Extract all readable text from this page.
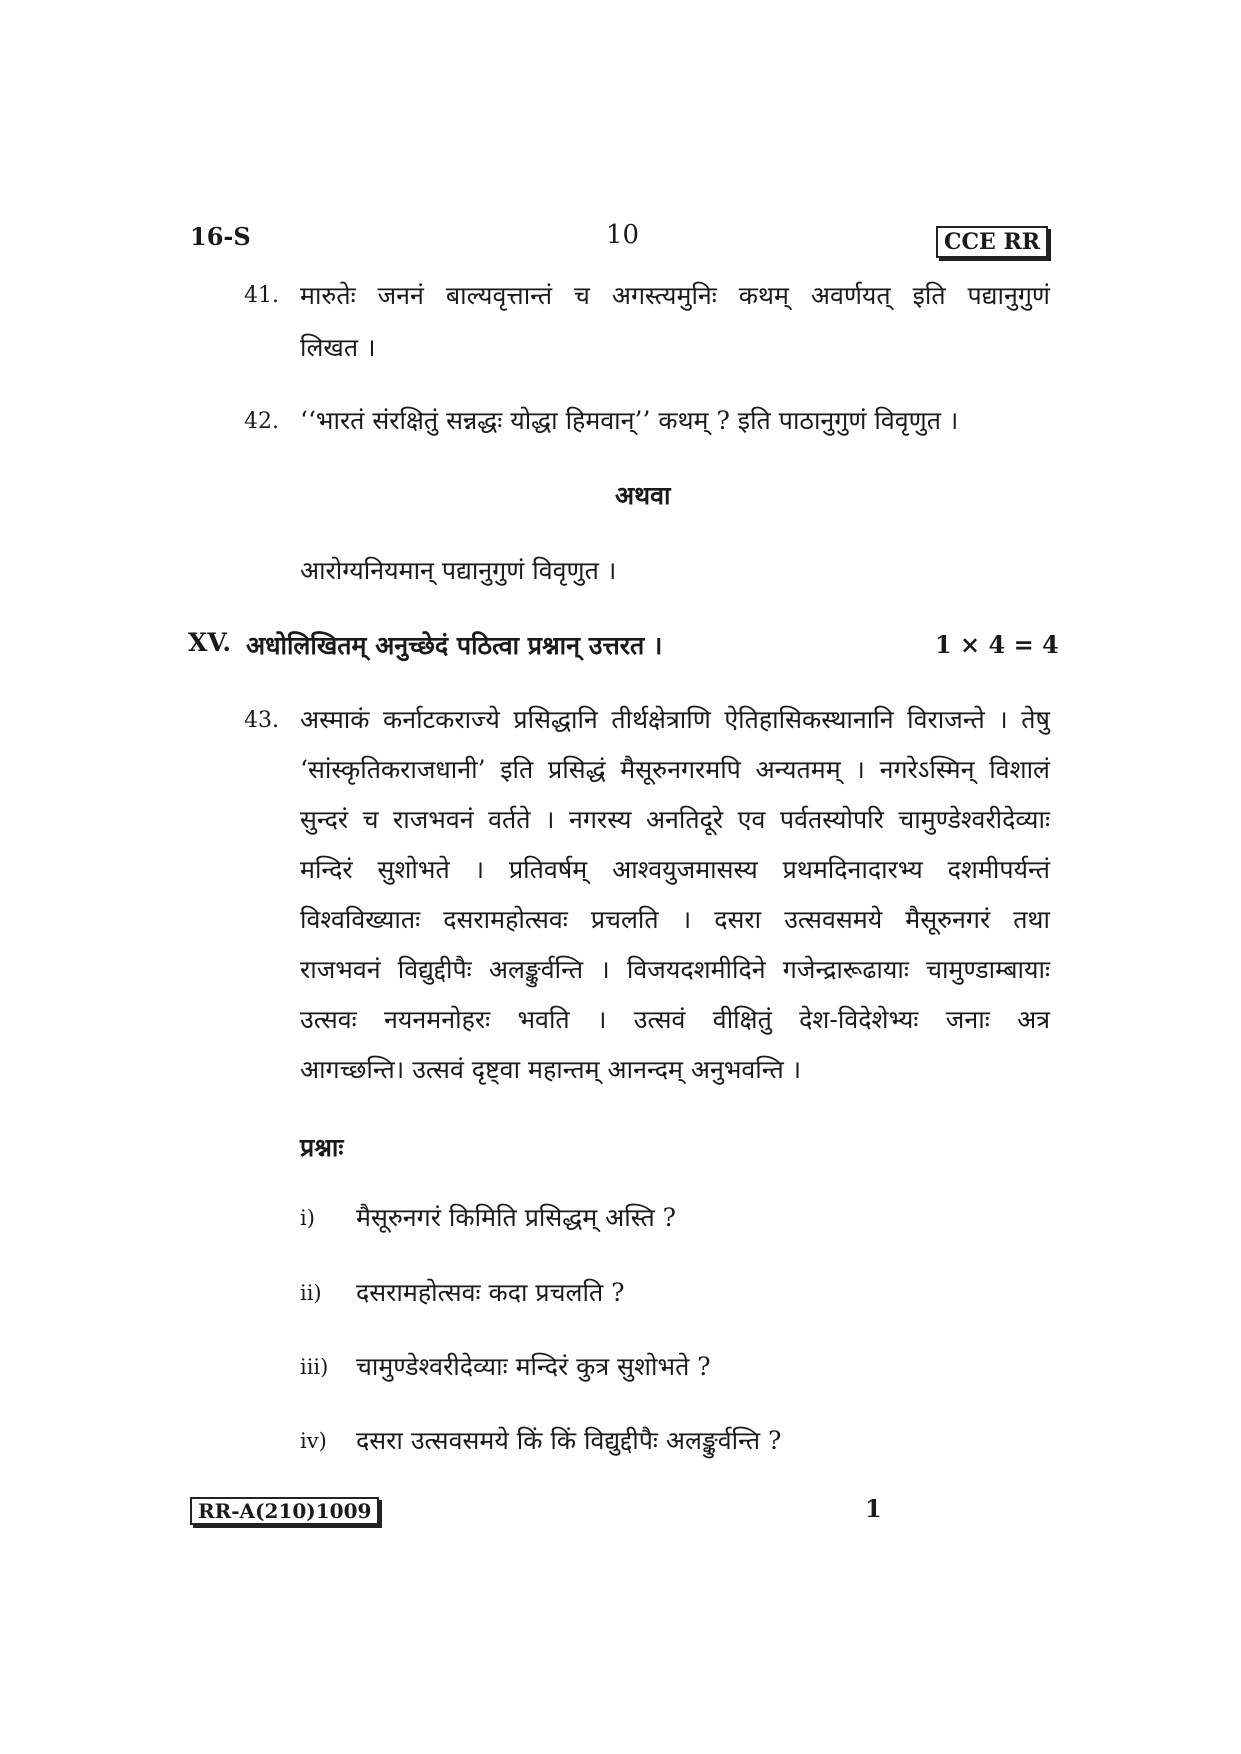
16-S	10	CCE RR
41. मारुतेः जननं बाल्यवृत्तान्तं च अगस्त्यमुनिः कथम् अवर्णयत् इति पद्यानुगुणं
लिखत ।
42. ‘‘भारतं संरक्षितुं सन्नद्धः योद्धा हिमवान्’’ कथम् ? इति पाठानुगुणं विवृणुत ।
अथवा
आरोग्यनियमान् पद्यानुगुणं विवृणुत ।
XV. अधोलिखितम् अनुच्छेदं पठित्वा प्रश्नान् उत्तरत ।	1 × 4 = 4
43. अस्माकं कर्नाटकराज्ये प्रसिद्धानि तीर्थक्षेत्राणि ऐतिहासिकस्थानानि विराजन्ते । तेषु
‘सांस्कृतिकराजधानी’ इति प्रसिद्धं मैसूरुनगरमपि अन्यतमम् । नगरेऽस्मिन् विशालं
सुन्दरं च राजभवनं वर्तते । नगरस्य अनतिदूरे एव पर्वतस्योपरि चामुण्डेश्वरीदेव्याः
मन्दिरं सुशोभते । प्रतिवर्षम् आश्वयुजमासस्य प्रथमदिनादारभ्य दशमीपर्यन्तं
विश्वविख्यातः दसरामहोत्सवः प्रचलति । दसरा उत्सवसमये मैसूरुनगरं तथा
राजभवनं विद्युद्दीपैः अलङ्कुर्वन्ति । विजयदशमीदिने गजेन्द्रारूढायाः चामुण्डाम्बायाः
उत्सवः नयनमनोहरः भवति । उत्सवं वीक्षितुं देश-विदेशेभ्यः जनाः अत्र
आगच्छन्ति। उत्सवं दृष्ट्वा महान्तम् आनन्दम् अनुभवन्ति ।
प्रश्नाः
i) मैसूरुनगरं किमिति प्रसिद्धम् अस्ति ?
ii) दसरामहोत्सवः कदा प्रचलति ?
iii) चामुण्डेश्वरीदेव्याः मन्दिरं कुत्र सुशोभते ?
iv) दसरा उत्सवसमये किं किं विद्युद्दीपैः अलङ्कुर्वन्ति ?
RR-A(210)1009	1
